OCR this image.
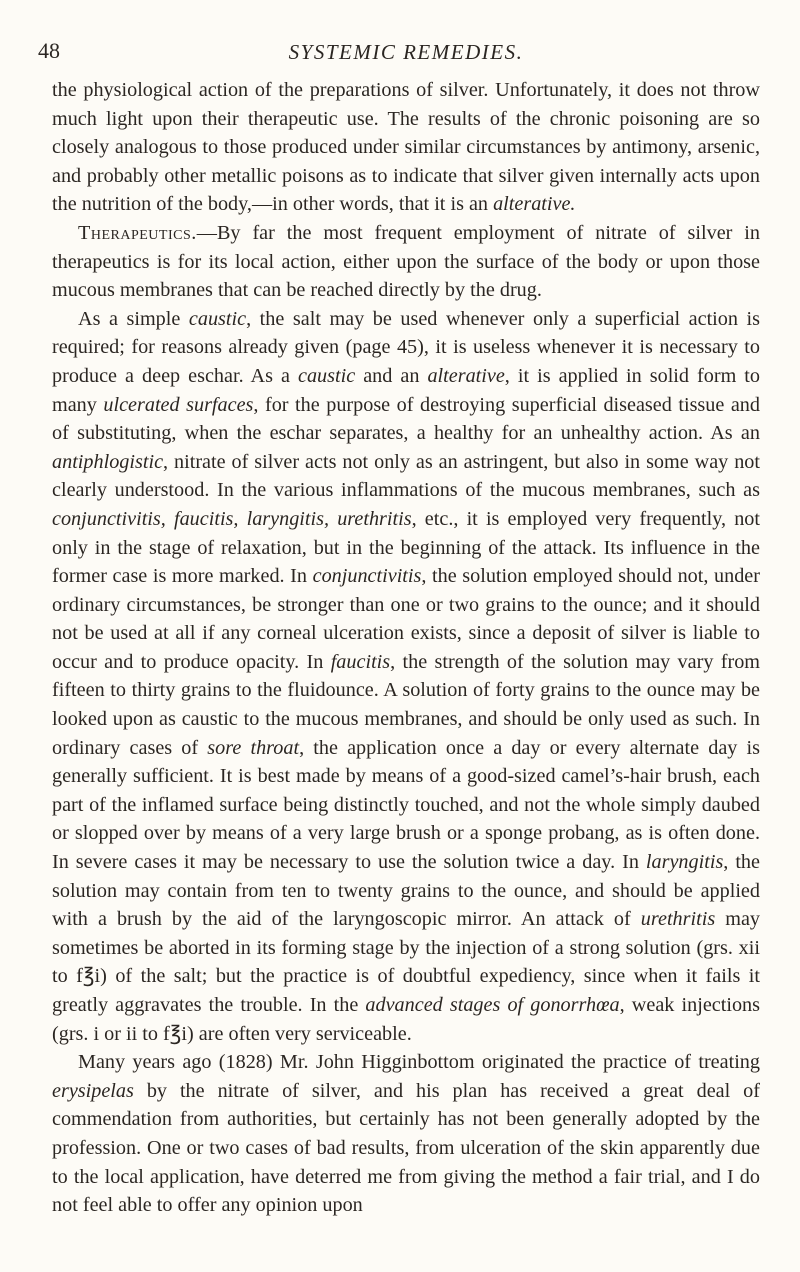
48	SYSTEMIC REMEDIES.

the physiological action of the preparations of silver. Unfortunately, it does not throw much light upon their therapeutic use. The results of the chronic poisoning are so closely analogous to those produced under similar circumstances by antimony, arsenic, and probably other metallic poisons as to indicate that silver given internally acts upon the nutrition of the body,—in other words, that it is an alterative.

Therapeutics.—By far the most frequent employment of nitrate of silver in therapeutics is for its local action, either upon the surface of the body or upon those mucous membranes that can be reached directly by the drug.

As a simple caustic, the salt may be used whenever only a superficial action is required; for reasons already given (page 45), it is useless whenever it is necessary to produce a deep eschar. As a caustic and an alterative, it is applied in solid form to many ulcerated surfaces, for the purpose of destroying superficial diseased tissue and of substituting, when the eschar separates, a healthy for an unhealthy action. As an antiphlogistic, nitrate of silver acts not only as an astringent, but also in some way not clearly understood. In the various inflammations of the mucous membranes, such as conjunctivitis, faucitis, laryngitis, urethritis, etc., it is employed very frequently, not only in the stage of relaxation, but in the beginning of the attack. Its influence in the former case is more marked. In conjunctivitis, the solution employed should not, under ordinary circumstances, be stronger than one or two grains to the ounce; and it should not be used at all if any corneal ulceration exists, since a deposit of silver is liable to occur and to produce opacity. In faucitis, the strength of the solution may vary from fifteen to thirty grains to the fluidounce. A solution of forty grains to the ounce may be looked upon as caustic to the mucous membranes, and should be only used as such. In ordinary cases of sore throat, the application once a day or every alternate day is generally sufficient. It is best made by means of a good-sized camel’s-hair brush, each part of the inflamed surface being distinctly touched, and not the whole simply daubed or slopped over by means of a very large brush or a sponge probang, as is often done. In severe cases it may be necessary to use the solution twice a day. In laryngitis, the solution may contain from ten to twenty grains to the ounce, and should be applied with a brush by the aid of the laryngoscopic mirror. An attack of urethritis may sometimes be aborted in its forming stage by the injection of a strong solution (grs. xii to f℥i) of the salt; but the practice is of doubtful expediency, since when it fails it greatly aggravates the trouble. In the advanced stages of gonorrhœa, weak injections (grs. i or ii to f℥i) are often very serviceable.

Many years ago (1828) Mr. John Higginbottom originated the practice of treating erysipelas by the nitrate of silver, and his plan has received a great deal of commendation from authorities, but certainly has not been generally adopted by the profession. One or two cases of bad results, from ulceration of the skin apparently due to the local application, have deterred me from giving the method a fair trial, and I do not feel able to offer any opinion upon
